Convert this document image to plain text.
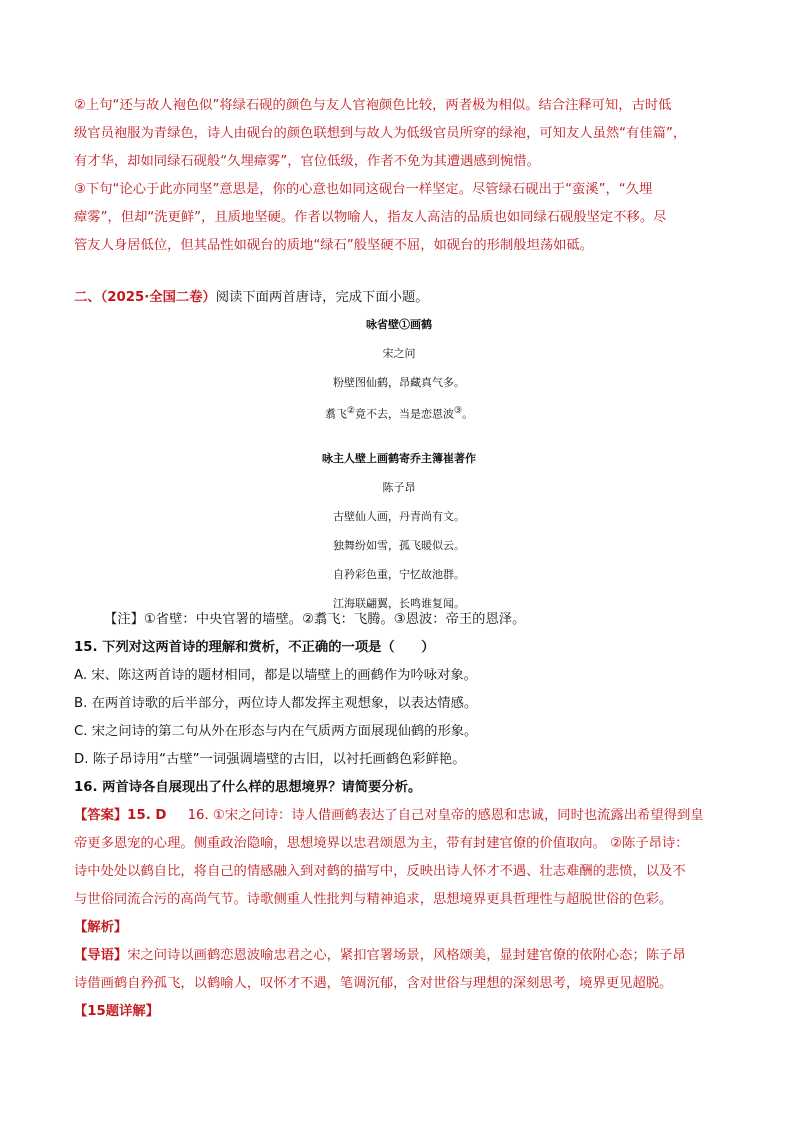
②上句“还与故人袍色似”将绿石砚的颜色与友人官袍颜色比较，两者极为相似。结合注释可知，古时低
级官员袍服为青绿色，诗人由砚台的颜色联想到与故人为低级官员所穿的绿袍，可知友人虽然“有佳篇”，
有才华，却如同绿石砚般“久埋瘴雾”，官位低级，作者不免为其遭遇感到惋惜。
③下句“论心于此亦同坚”意思是，你的心意也如同这砚台一样坚定。尽管绿石砚出于“蛮溪”，“久埋
瘴雾”，但却“洗更鲜”，且质地坚硬。作者以物喻人，指友人高洁的品质也如同绿石砚般坚定不移。尽
管友人身居低位，但其品性如砚台的质地“绿石”般坚硬不屈，如砚台的形制般坦荡如砥。
二、（2025·全国二卷）阅读下面两首唐诗，完成下面小题。
咏省壁①画鹤
宋之问
粉壁图仙鹤，昂藏真气多。
翥飞②竟不去，当是恋恩波③。
咏主人壁上画鹤寄乔主簿崔著作
陈子昂
古壁仙人画，丹青尚有文。
独舞纷如雪，孤飞暖似云。
自矜彩色重，宁忆故池群。
江海联翩翼，长鸣谁复闻。
【注】①省壁：中央官署的墙壁。②翥飞：飞腾。③恩波：帝王的恩泽。
15. 下列对这两首诗的理解和赏析，不正确的一项是（　　）
A. 宋、陈这两首诗的题材相同，都是以墙壁上的画鹤作为吟咏对象。
B. 在两首诗歌的后半部分，两位诗人都发挥主观想象，以表达情感。
C. 宋之问诗的第二句从外在形态与内在气质两方面展现仙鹤的形象。
D. 陈子昂诗用“古壁”一词强调墙壁的古旧，以衬托画鹤色彩鲜艳。
16. 两首诗各自展现出了什么样的思想境界？请简要分析。
【答案】15. D 16. ①宋之问诗：诗人借画鹤表达了自己对皇帝的感恩和忠诚，同时也流露出希望得到皇
帝更多恩宠的心理。侧重政治隐喻，思想境界以忠君颂恩为主，带有封建官僚的价值取向。 ②陈子昂诗：
诗中处处以鹤自比，将自己的情感融入到对鹤的描写中，反映出诗人怀才不遇、壮志难酬的悲愤，以及不
与世俗同流合污的高尚气节。诗歌侧重人性批判与精神追求，思想境界更具哲理性与超脱世俗的色彩。
【解析】
【导语】宋之问诗以画鹤恋恩波喻忠君之心，紧扣官署场景，风格颂美，显封建官僚的依附心态；陈子昂
诗借画鹤自矜孤飞，以鹤喻人，叹怀才不遇，笔调沉郁，含对世俗与理想的深刻思考，境界更见超脱。
【15题详解】
